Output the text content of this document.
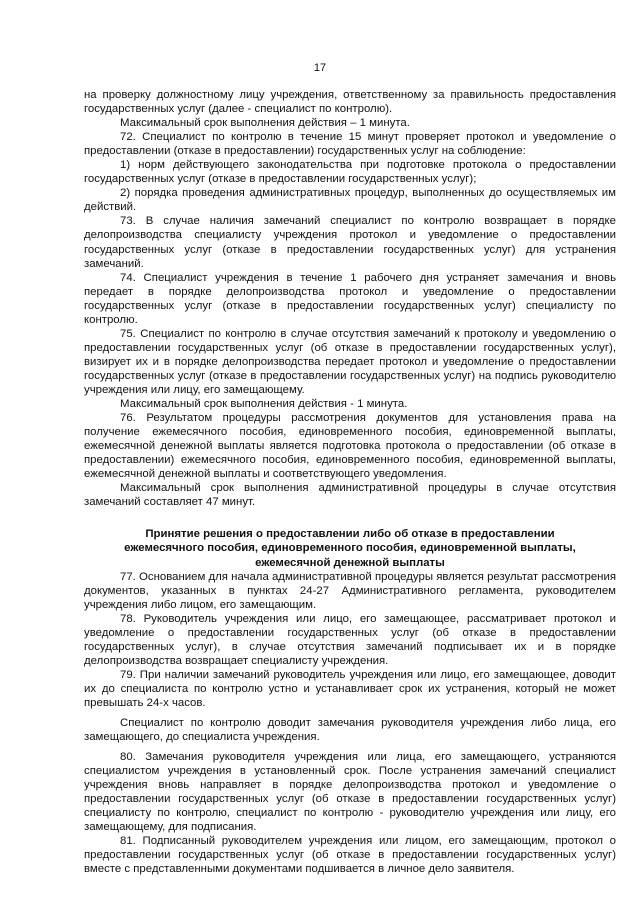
17

на проверку должностному лицу учреждения, ответственному за правильность предоставления государственных услуг (далее - специалист по контролю).

Максимальный срок выполнения действия – 1 минута.

72. Специалист по контролю в течение 15 минут проверяет протокол и уведомление о предоставлении (отказе в предоставлении) государственных услуг на соблюдение:

1) норм действующего законодательства при подготовке протокола о предоставлении государственных услуг (отказе в предоставлении государственных услуг);

2) порядка проведения административных процедур, выполненных до осуществляемых им действий.

73. В случае наличия замечаний специалист по контролю возвращает в порядке делопроизводства специалисту учреждения протокол и уведомление о предоставлении государственных услуг (отказе в предоставлении государственных услуг) для устранения замечаний.

74. Специалист учреждения в течение 1 рабочего дня устраняет замечания и вновь передает в порядке делопроизводства протокол и уведомление о предоставлении государственных услуг (отказе в предоставлении государственных услуг) специалисту по контролю.

75. Специалист по контролю в случае отсутствия замечаний к протоколу и уведомлению о предоставлении государственных услуг (об отказе в предоставлении государственных услуг), визирует их и в порядке делопроизводства передает протокол и уведомление о предоставлении государственных услуг (отказе в предоставлении государственных услуг) на подпись руководителю учреждения или лицу, его замещающему.

Максимальный срок выполнения действия - 1 минута.

76. Результатом процедуры рассмотрения документов для установления права на получение ежемесячного пособия, единовременного пособия, единовременной выплаты, ежемесячной денежной выплаты является подготовка протокола о предоставлении (об отказе в предоставлении) ежемесячного пособия, единовременного пособия, единовременной выплаты, ежемесячной денежной выплаты и соответствующего уведомления.

Максимальный срок выполнения административной процедуры в случае отсутствия замечаний составляет 47 минут.

Принятие решения о предоставлении либо об отказе в предоставлении ежемесячного пособия, единовременного пособия, единовременной выплаты, ежемесячной денежной выплаты

77. Основанием для начала административной процедуры является результат рассмотрения документов, указанных в пунктах 24-27 Административного регламента, руководителем учреждения либо лицом, его замещающим.

78. Руководитель учреждения или лицо, его замещающее, рассматривает протокол и уведомление о предоставлении государственных услуг (об отказе в предоставлении государственных услуг), в случае отсутствия замечаний подписывает их и в порядке делопроизводства возвращает специалисту учреждения.

79. При наличии замечаний руководитель учреждения или лицо, его замещающее, доводит их до специалиста по контролю устно и устанавливает срок их устранения, который не может превышать 24-х часов.

Специалист по контролю доводит замечания руководителя учреждения либо лица, его замещающего, до специалиста учреждения.

80. Замечания руководителя учреждения или лица, его замещающего, устраняются специалистом учреждения в установленный срок. После устранения замечаний специалист учреждения вновь направляет в порядке делопроизводства протокол и уведомление о предоставлении государственных услуг (об отказе в предоставлении государственных услуг) специалисту по контролю, специалист по контролю - руководителю учреждения или лицу, его замещающему, для подписания.

81. Подписанный руководителем учреждения или лицом, его замещающим, протокол о предоставлении государственных услуг (об отказе в предоставлении государственных услуг) вместе с представленными документами подшивается в личное дело заявителя.
